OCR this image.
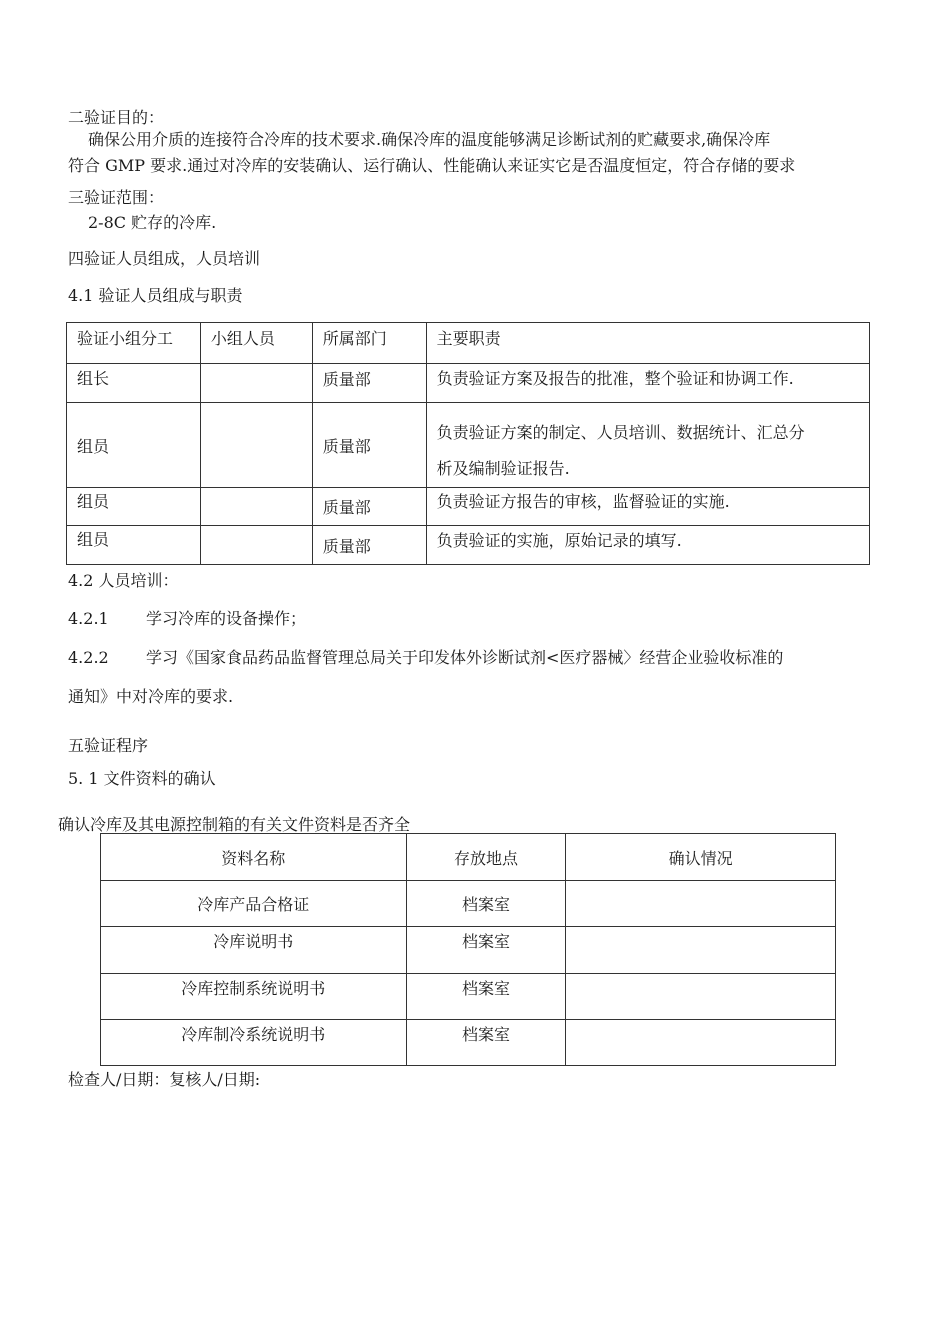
二验证目的：
确保公用介质的连接符合冷库的技术要求.确保冷库的温度能够满足诊断试剂的贮藏要求,确保冷库
符合 GMP 要求.通过对冷库的安装确认、运行确认、性能确认来证实它是否温度恒定，符合存储的要求
三验证范围：
2-8C 贮存的冷库.
四验证人员组成，人员培训
4.1 验证人员组成与职责
验证小组分工	小组人员	所属部门	主要职责
组长		质量部	负责验证方案及报告的批准，整个验证和协调工作.
组员		质量部	负责验证方案的制定、人员培训、数据统计、汇总分
析及编制验证报告.

组员		质量部	负责验证方报告的审核，监督验证的实施.
组员		质量部	负责验证的实施，原始记录的填写.
4.2 人员培训：
4.2.1 学习冷库的设备操作；
4.2.2 学习《国家食品药品监督管理总局关于印发体外诊断试剂<医疗器械〉经营企业验收标准的
通知》中对冷库的要求.
五验证程序
5. 1 文件资料的确认
确认冷库及其电源控制箱的有关文件资料是否齐全
资料名称	存放地点	确认情况
冷库产品合格证	档案室	
冷库说明书	档案室	
冷库控制系统说明书	档案室	
冷库制冷系统说明书	档案室	
检查人/日期：复核人/日期:
